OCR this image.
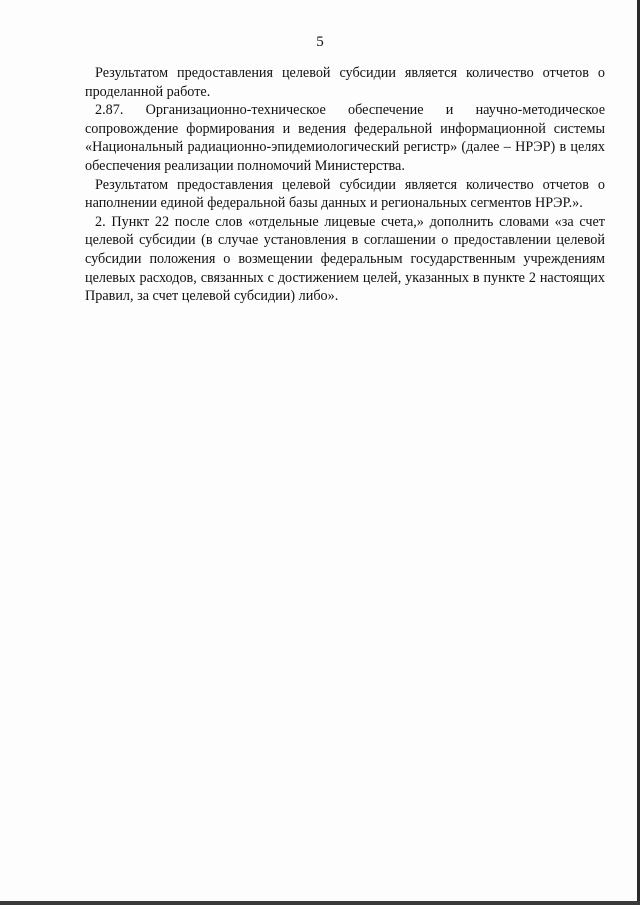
5

Результатом предоставления целевой субсидии является количество отчетов о проделанной работе.

2.87. Организационно-техническое обеспечение и научно-методическое сопровождение формирования и ведения федеральной информационной системы «Национальный радиационно-эпидемиологический регистр» (далее – НРЭР) в целях обеспечения реализации полномочий Министерства.

Результатом предоставления целевой субсидии является количество отчетов о наполнении единой федеральной базы данных и региональных сегментов НРЭР.».

2. Пункт 22 после слов «отдельные лицевые счета,» дополнить словами «за счет целевой субсидии (в случае установления в соглашении о предоставлении целевой субсидии положения о возмещении федеральным государственным учреждениям целевых расходов, связанных с достижением целей, указанных в пункте 2 настоящих Правил, за счет целевой субсидии) либо».
